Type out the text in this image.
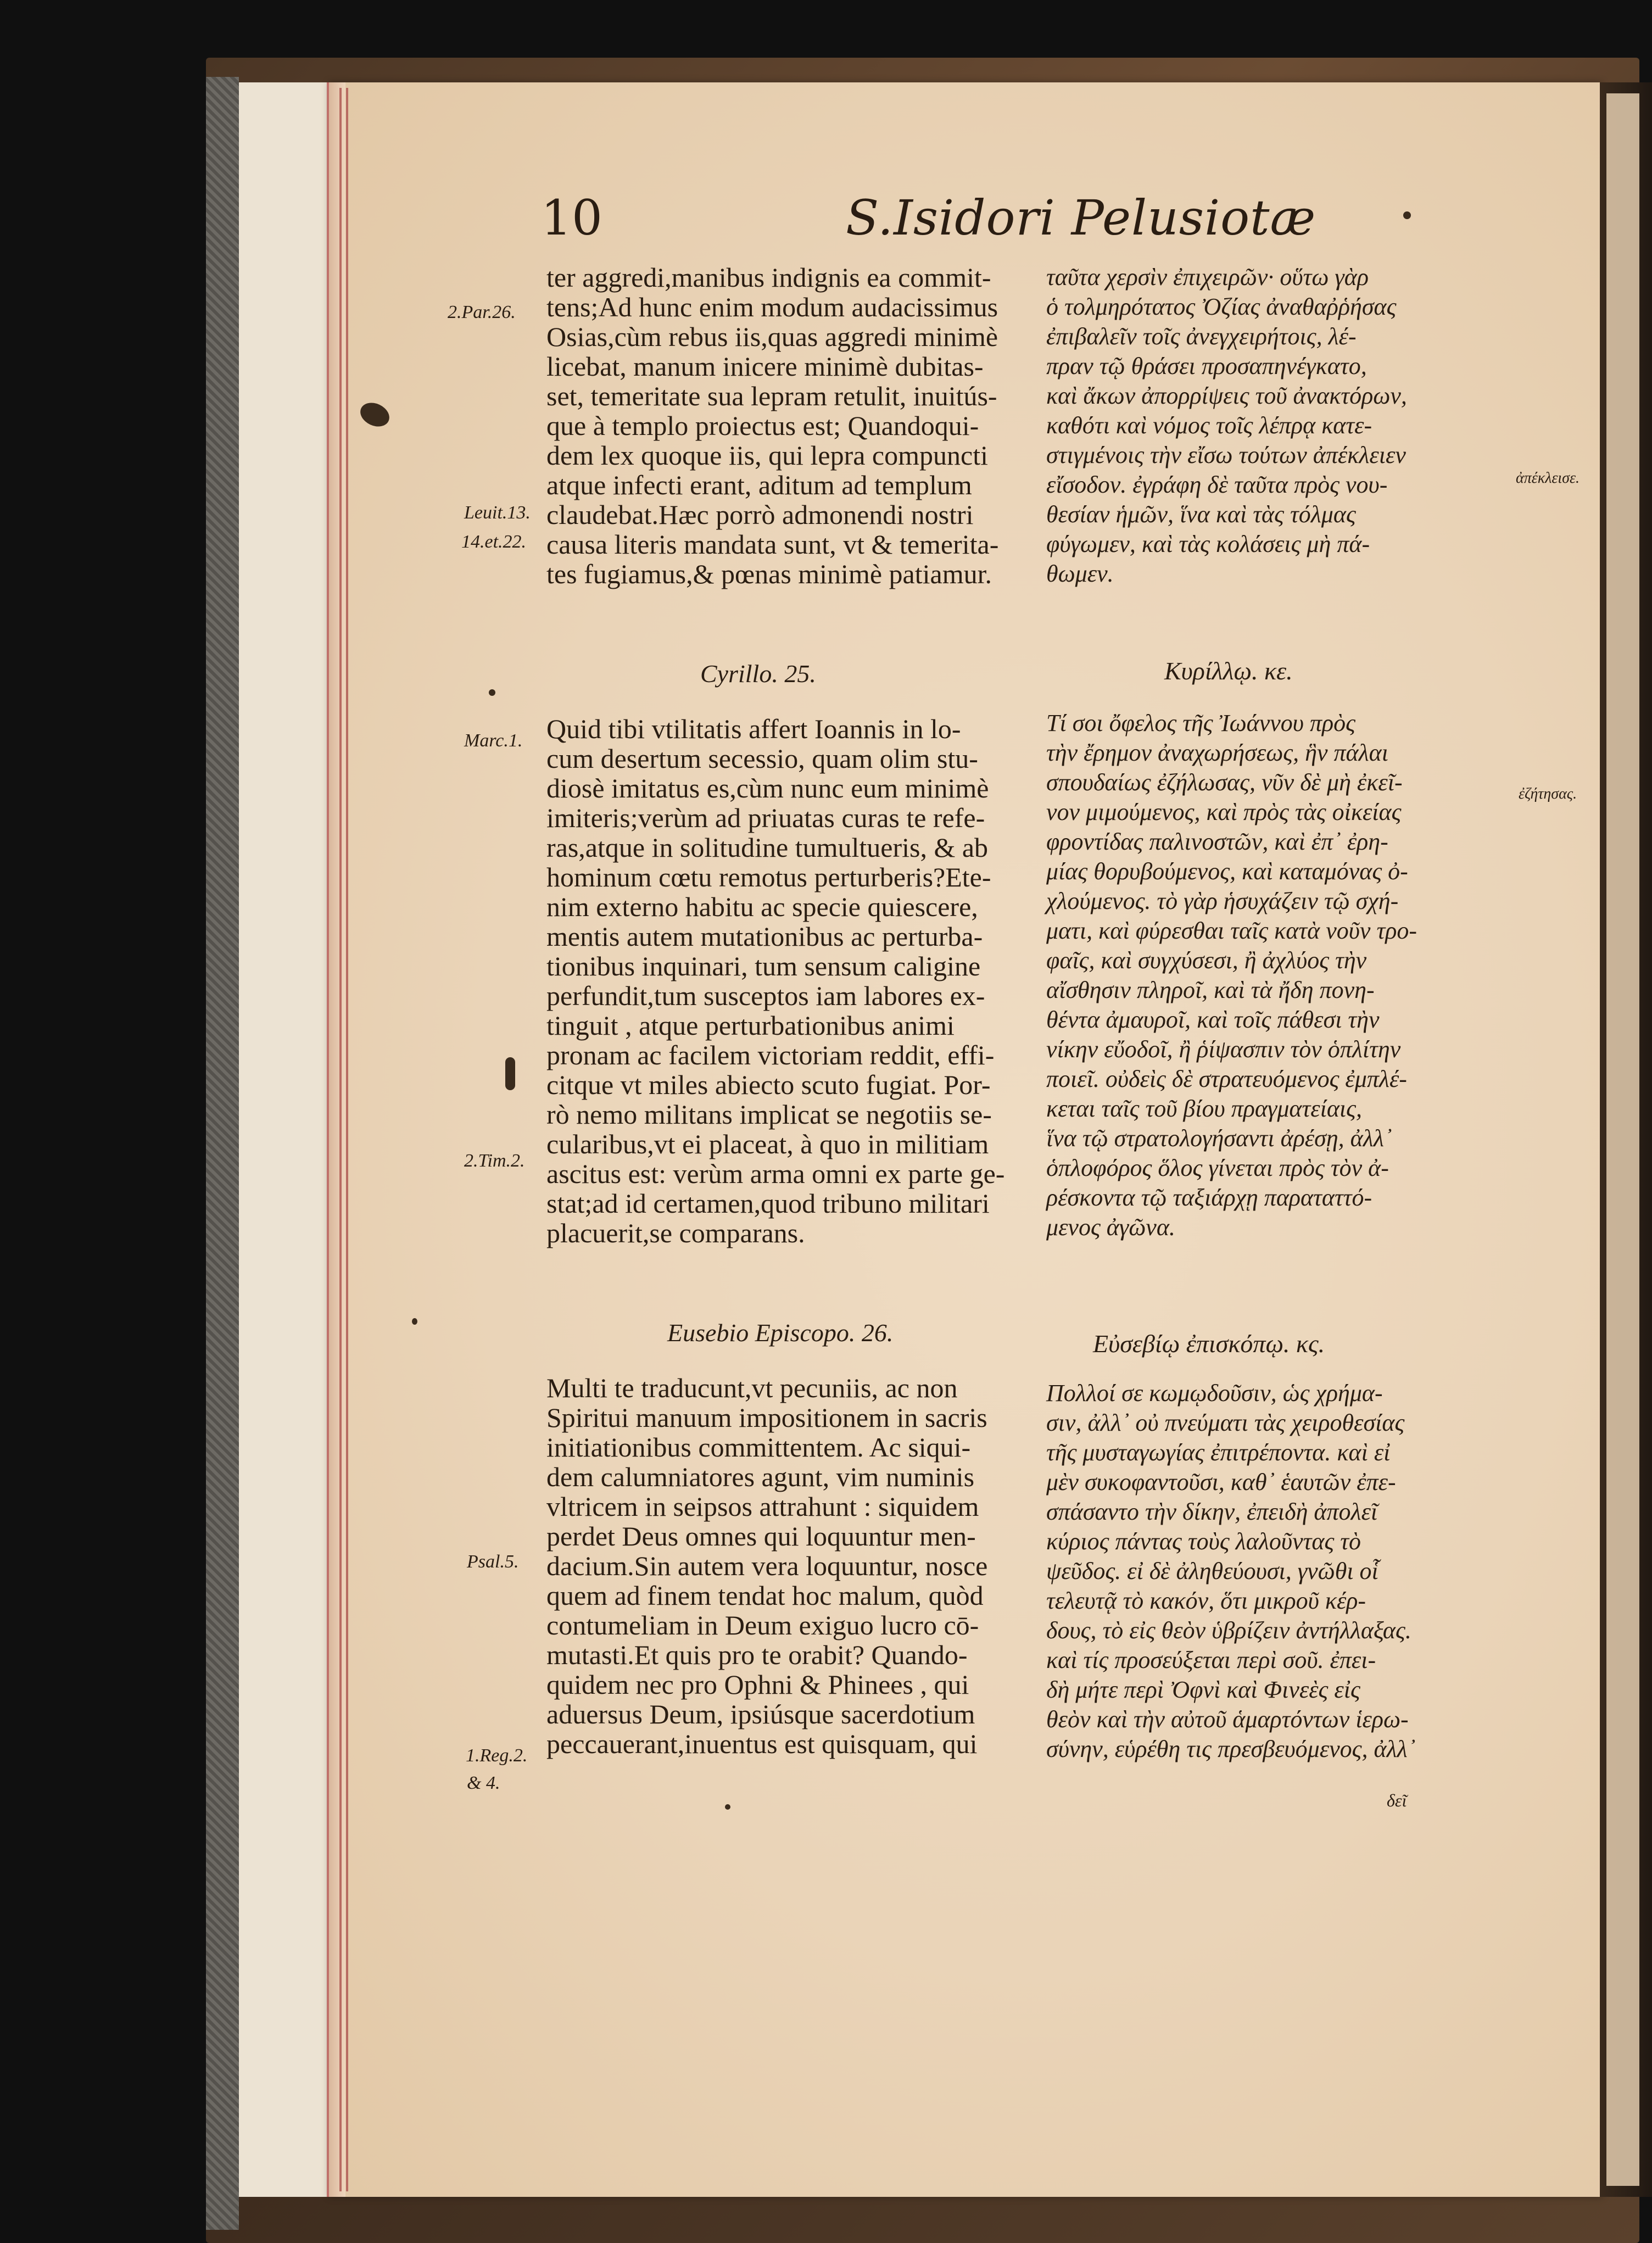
10	S.Isidori Pelusiotæ
ter aggredi,manibus indignis ea commit-
tens;Ad hunc enim modum audacissimus
Osias,cùm rebus iis,quas aggredi minimè
licebat, manum inicere minimè dubitas-
set, temeritate sua lepram retulit, inuitús-
que à templo proiectus est; Quandoqui-
dem lex quoque iis, qui lepra compuncti
atque infecti erant, aditum ad templum
claudebat.Hæc porrò admonendi nostri
causa literis mandata sunt, vt & temerita-
tes fugiamus,& pœnas minimè patiamur.
Cyrillo. 25.
Quid tibi vtilitatis affert Ioannis in lo-
cum desertum secessio, quam olim stu-
diosè imitatus es,cùm nunc eum minimè
imiteris;verùm ad priuatas curas te refe-
ras,atque in solitudine tumultueris, & ab
hominum cœtu remotus perturberis?Ete-
nim externo habitu ac specie quiescere,
mentis autem mutationibus ac perturba-
tionibus inquinari, tum sensum caligine
perfundit,tum susceptos iam labores ex-
tinguit , atque perturbationibus animi
pronam ac facilem victoriam reddit, effi-
citque vt miles abiecto scuto fugiat. Por-
rò nemo militans implicat se negotiis se-
cularibus,vt ei placeat, à quo in militiam
ascitus est: verùm arma omni ex parte ge-
stat;ad id certamen,quod tribuno militari
placuerit,se comparans.
Eusebio Episcopo. 26.
Multi te traducunt,vt pecuniis, ac non
Spiritui manuum impositionem in sacris
initiationibus committentem. Ac siqui-
dem calumniatores agunt, vim numinis
vltricem in seipsos attrahunt : siquidem
perdet Deus omnes qui loquuntur men-
dacium.Sin autem vera loquuntur, nosce
quem ad finem tendat hoc malum, quòd
contumeliam in Deum exiguo lucro cō-
mutasti.Et quis pro te orabit? Quando-
quidem nec pro Ophni & Phinees , qui
aduersus Deum, ipsiúsque sacerdotium
peccauerant,inuentus est quisquam, qui
2.Par.26.
Leuit.13.
14.et.22.
Marc.1.
2.Tim.2.
Psal.5.
1.Reg.2.
& 4.
ταῦτα χερσὶν ἐπιχειρῶν· οὕτω γὰρ
ὁ τολμηρότατος Ὀζίας ἀναθαῤῥήσας
ἐπιβαλεῖν τοῖς ἀνεγχειρήτοις, λέ-
πραν τῷ θράσει προσαπηνέγκατο,
καὶ ἄκων ἀπορρίψεις τοῦ ἀνακτόρων,
καθότι καὶ νόμος τοῖς λέπρᾳ κατε-
στιγμένοις τὴν εἴσω τούτων ἀπέκλειεν
εἴσοδον. ἐγράφη δὲ ταῦτα πρὸς νου-
θεσίαν ἡμῶν, ἵνα καὶ τὰς τόλμας
φύγωμεν, καὶ τὰς κολάσεις μὴ πά-
θωμεν.
Κυρίλλῳ. κε.
Τί σοι ὄφελος τῆς Ἰωάννου πρὸς
τὴν ἔρημον ἀναχωρήσεως, ἣν πάλαι
σπουδαίως ἐζήλωσας, νῦν δὲ μὴ ἐκεῖ-
νον μιμούμενος, καὶ πρὸς τὰς οἰκείας
φροντίδας παλινοστῶν, καὶ ἐπ᾽ ἐρη-
μίας θορυβούμενος, καὶ καταμόνας ὀ-
χλούμενος. τὸ γὰρ ἡσυχάζειν τῷ σχή-
ματι, καὶ φύρεσθαι ταῖς κατὰ νοῦν τρο-
φαῖς, καὶ συγχύσεσι, ἢ ἀχλύος τὴν
αἴσθησιν πληροῖ, καὶ τὰ ἤδη πονη-
θέντα ἀμαυροῖ, καὶ τοῖς πάθεσι τὴν
νίκην εὔοδοῖ, ἢ ῥίψασπιν τὸν ὁπλίτην
ποιεῖ. οὐδεὶς δὲ στρατευόμενος ἐμπλέ-
κεται ταῖς τοῦ βίου πραγματείαις,
ἵνα τῷ στρατολογήσαντι ἀρέσῃ, ἀλλ᾽
ὁπλοφόρος ὅλος γίνεται πρὸς τὸν ἀ-
ρέσκοντα τῷ ταξιάρχῃ παραταττό-
μενος ἀγῶνα.
Εὐσεβίῳ ἐπισκόπῳ. κς.
Πολλοί σε κωμῳδοῦσιν, ὡς χρήμα-
σιν, ἀλλ᾽ οὐ πνεύματι τὰς χειροθεσίας
τῆς μυσταγωγίας ἐπιτρέποντα. καὶ εἰ
μὲν συκοφαντοῦσι, καθ᾽ ἑαυτῶν ἐπε-
σπάσαντο τὴν δίκην, ἐπειδὴ ἀπολεῖ
κύριος πάντας τοὺς λαλοῦντας τὸ
ψεῦδος. εἰ δὲ ἀληθεύουσι, γνῶθι οἷ
τελευτᾷ τὸ κακόν, ὅτι μικροῦ κέρ-
δους, τὸ εἰς θεὸν ὑβρίζειν ἀντήλλαξας.
καὶ τίς προσεύξεται περὶ σοῦ. ἐπει-
δὴ μήτε περὶ Ὀφνὶ καὶ Φινεὲς εἰς
θεὸν καὶ τὴν αὐτοῦ ἁμαρτόντων ἱερω-
σύνην, εὑρέθη τις πρεσβευόμενος, ἀλλ᾽
δεῖ
ἀπέκλεισε.
ἐζήτησας.
